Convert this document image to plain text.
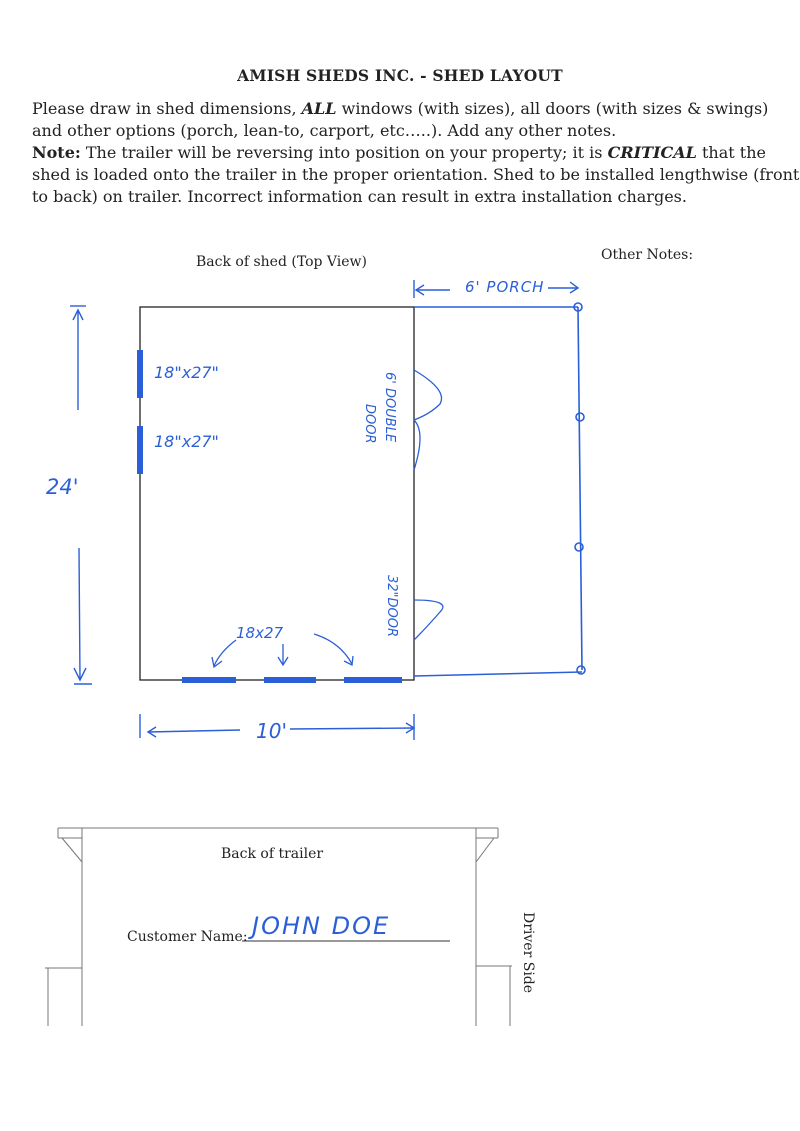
AMISH SHEDS INC. - SHED LAYOUT
Please draw in shed dimensions, ALL windows (with sizes), all doors (with sizes & swings) and other options (porch, lean-to, carport, etc…..). Add any other notes.
Note: The trailer will be reversing into position on your property; it is CRITICAL that the shed is loaded onto the trailer in the proper orientation. Shed to be installed lengthwise (front to back) on trailer. Incorrect information can result in extra installation charges.
Back of shed (Top View)	Other Notes:
6' PORCH
24'
10'
18"x27"
18"x27"
18x27
6' DOUBLE
DOOR
32"DOOR
Back of trailer
Customer Name: JOHN DOE	Driver Side
